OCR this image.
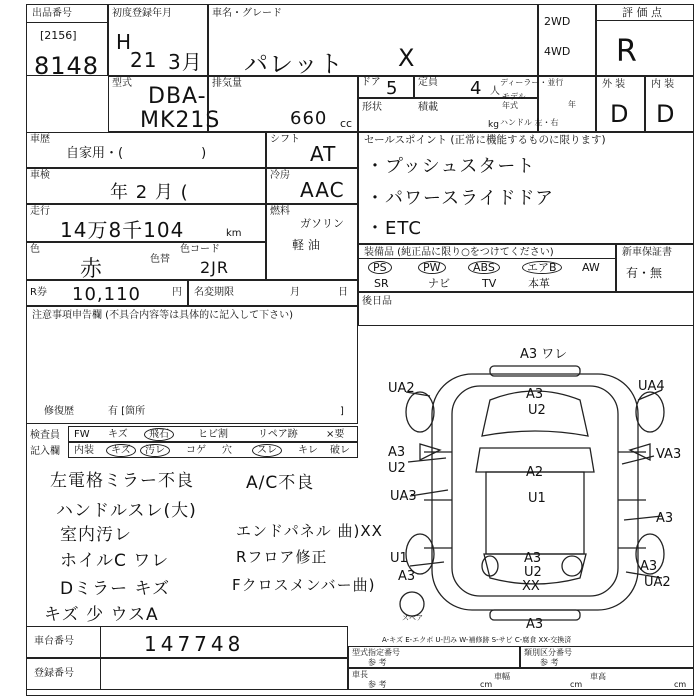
出品番号
[2156]
8148
初度登録年月
H
21 3月
車名・グレード
パレット X
2WD
4WD
評 価 点
R
型式
DBA-
MK21S
排気量
660 cc
ドア 5 定員 4 人
形状	積載
kg
ディーラー・並行
モデル年式	年
ハンドル 左・右
外 装
D
内 装
D
車歴
自家用・(　　　　　　)
シフト
AT
車検
年 2 月 (
冷房
AAC
走行
14万8千104	km
燃料
ガソリン
軽 油
色
赤	色替
色コード
2JR
R券 10,110	円 名変期限	月	日
セールスポイント (正常に機能するものに限ります)
・プッシュスタート
・パワースライドドア
・ETC
装備品 (純正品に限り○をつけてください)
PS	PW	ABS	エアB	AW
SR	ナビ	TV	本革
新車保証書
有・無
後日品
注意事項申告欄 (不具合内容等は具体的に記入して下さい)
修復歴	有 [箇所	]
検査員
記入欄
FW キズ	飛石	ヒビ割	リペア跡	×要
内装	キズ	汚レ	コゲ 穴	スレ	キレ 破レ
左電格ミラー不良
ハンドルスレ(大)
室内汚レ
ホイルC ワレ
Dミラー キズ
キズ 少 ウスA
A/C不良
エンドパネル 曲)XX
Rフロア修正
Fクロスメンバー曲)
A3 ワレ
UA2	A3
U2
UA4
A3
U2	A2
VA3
UA3	U1
A3
U1
A3
A3
U2
XX
A3
UA2
A3
スペア
A-キズ E-エクボ U-凹み W-補修跡 S-サビ C-腐食 XX-交換済
車台番号	147748
登録番号
型式指定番号
参 考
類別区分番号
参 考
車長
参 考	cm
車幅
cm
車高
cm
